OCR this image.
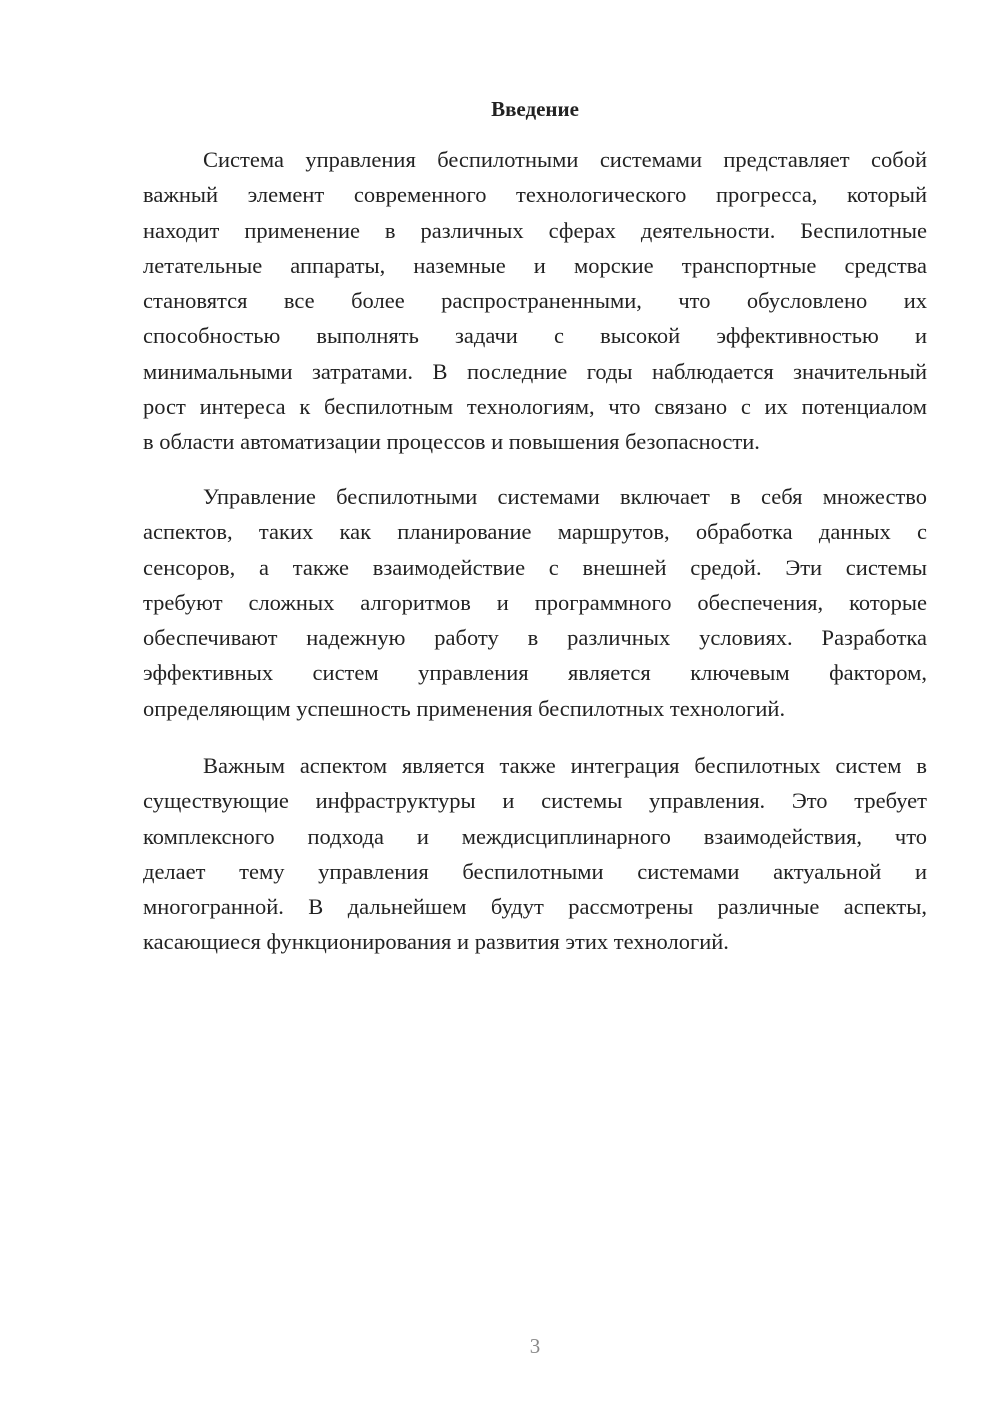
Введение
Система управления беспилотными системами представляет собой
важный элемент современного технологического прогресса, который
находит применение в различных сферах деятельности. Беспилотные
летательные аппараты, наземные и морские транспортные средства
становятся все более распространенными, что обусловлено их
способностью выполнять задачи с высокой эффективностью и
минимальными затратами. В последние годы наблюдается значительный
рост интереса к беспилотным технологиям, что связано с их потенциалом
в области автоматизации процессов и повышения безопасности.
Управление беспилотными системами включает в себя множество
аспектов, таких как планирование маршрутов, обработка данных с
сенсоров, а также взаимодействие с внешней средой. Эти системы
требуют сложных алгоритмов и программного обеспечения, которые
обеспечивают надежную работу в различных условиях. Разработка
эффективных систем управления является ключевым фактором,
определяющим успешность применения беспилотных технологий.
Важным аспектом является также интеграция беспилотных систем в
существующие инфраструктуры и системы управления. Это требует
комплексного подхода и междисциплинарного взаимодействия, что
делает тему управления беспилотными системами актуальной и
многогранной. В дальнейшем будут рассмотрены различные аспекты,
касающиеся функционирования и развития этих технологий.
3
